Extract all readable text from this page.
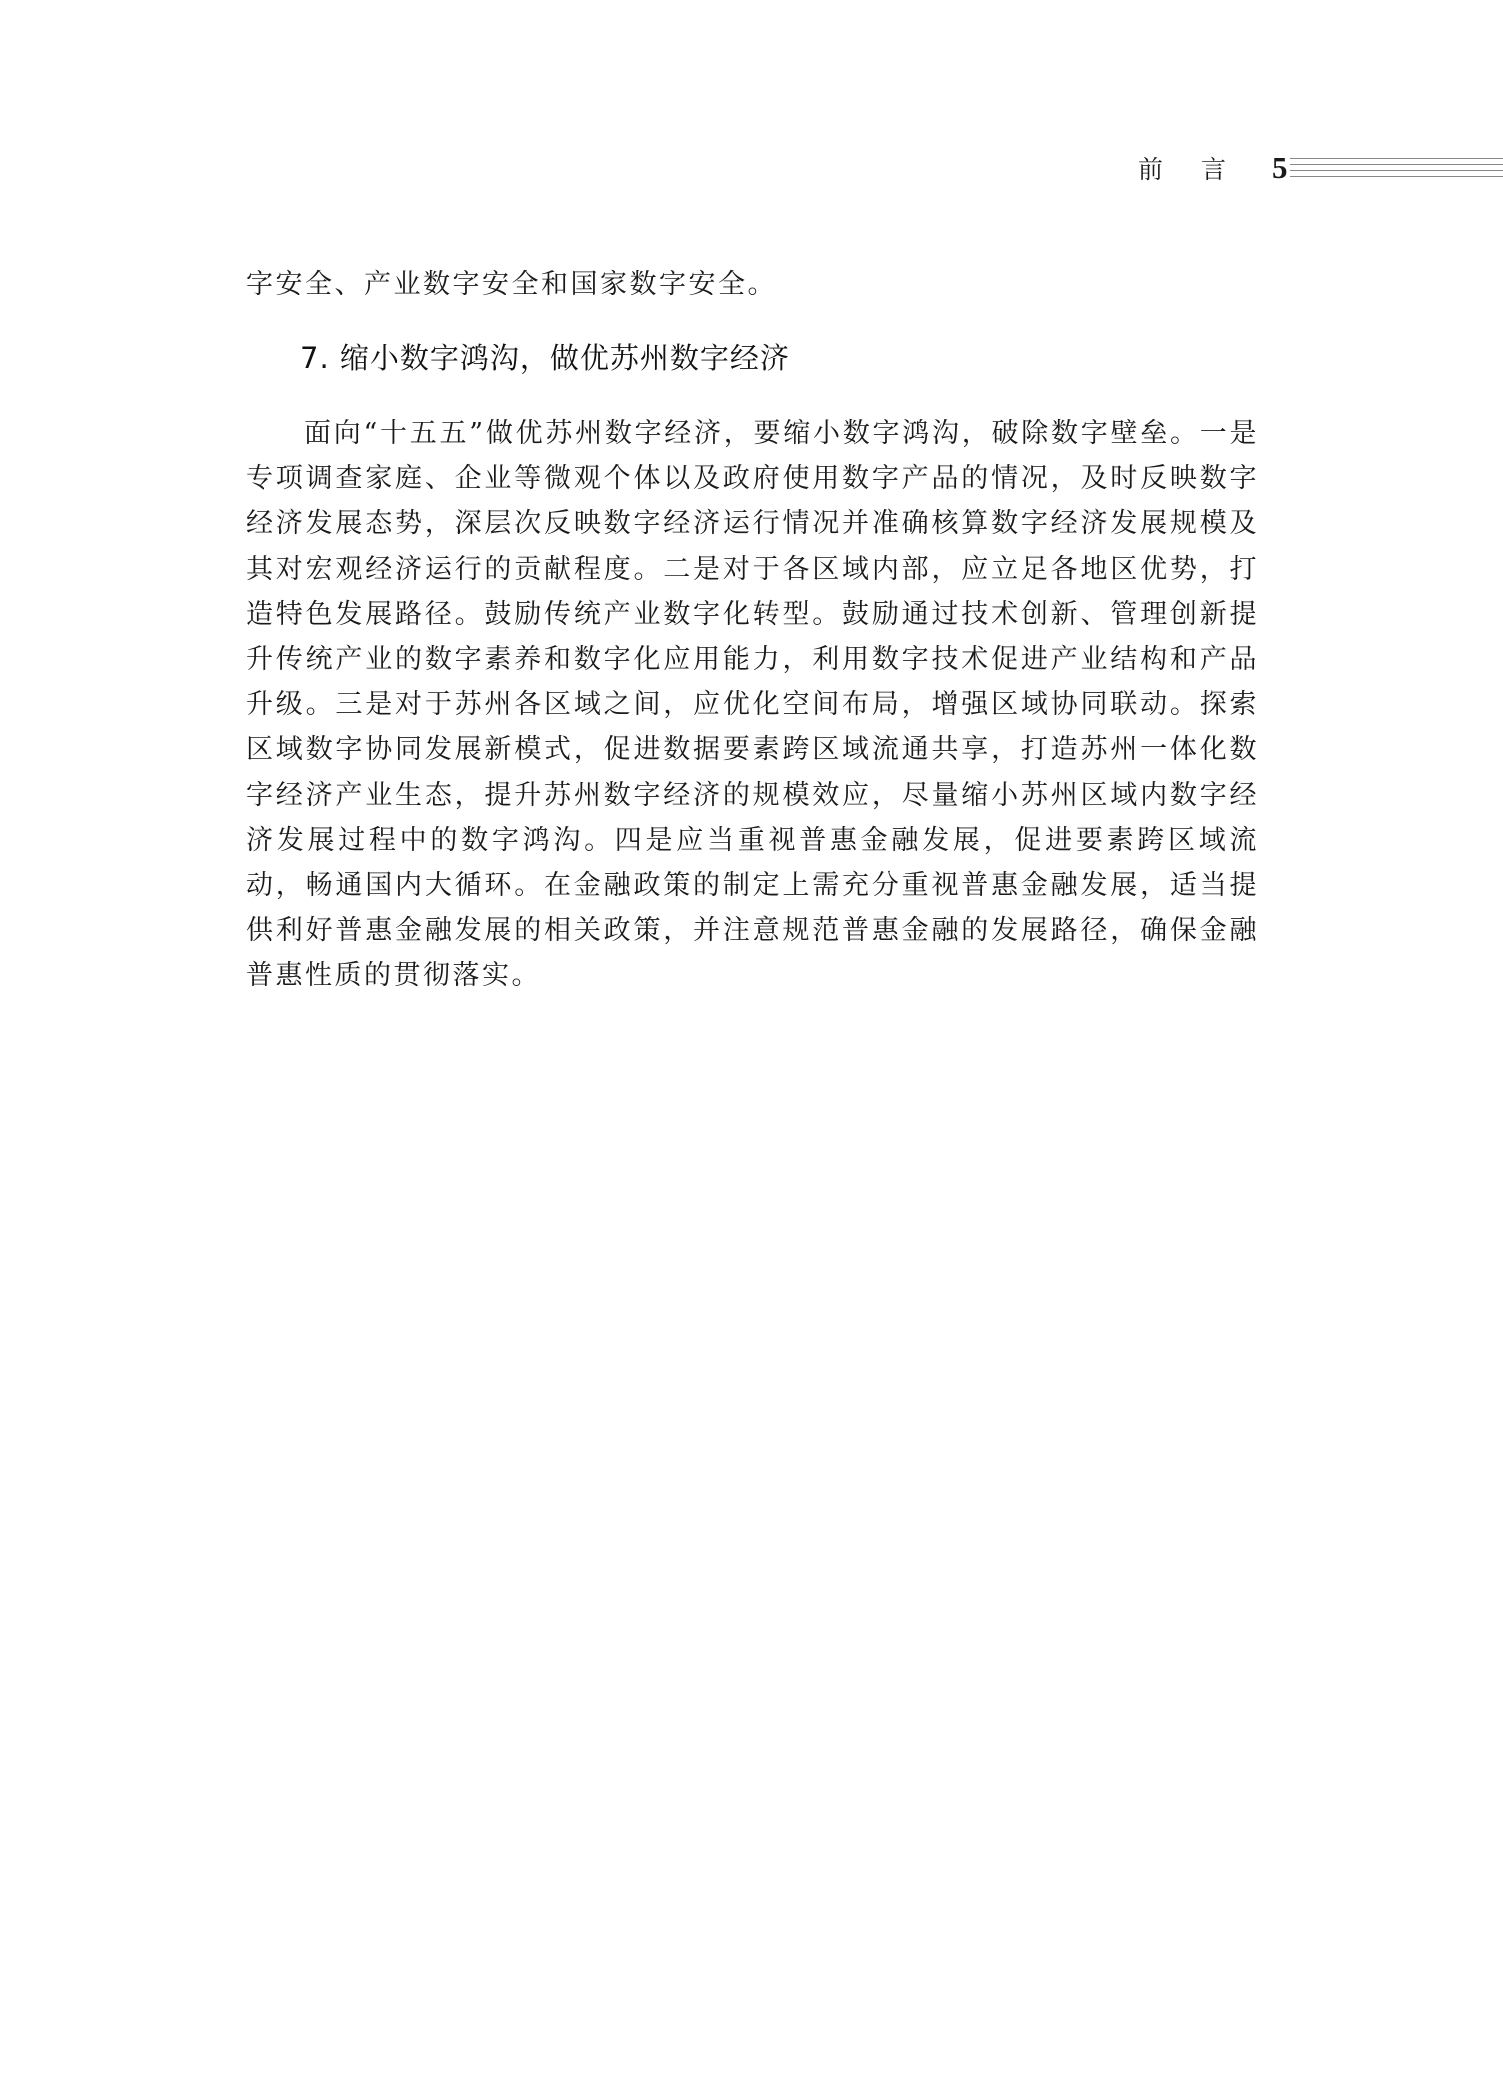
前言 5

字安全、产业数字安全和国家数字安全。

7. 缩小数字鸿沟，做优苏州数字经济

面向“十五五”做优苏州数字经济，要缩小数字鸿沟，破除数字壁垒。一是专项调查家庭、企业等微观个体以及政府使用数字产品的情况，及时反映数字经济发展态势，深层次反映数字经济运行情况并准确核算数字经济发展规模及其对宏观经济运行的贡献程度。二是对于各区域内部，应立足各地区优势，打造特色发展路径。鼓励传统产业数字化转型。鼓励通过技术创新、管理创新提升传统产业的数字素养和数字化应用能力，利用数字技术促进产业结构和产品升级。三是对于苏州各区域之间，应优化空间布局，增强区域协同联动。探索区域数字协同发展新模式，促进数据要素跨区域流通共享，打造苏州一体化数字经济产业生态，提升苏州数字经济的规模效应，尽量缩小苏州区域内数字经济发展过程中的数字鸿沟。四是应当重视普惠金融发展，促进要素跨区域流动，畅通国内大循环。在金融政策的制定上需充分重视普惠金融发展，适当提供利好普惠金融发展的相关政策，并注意规范普惠金融的发展路径，确保金融普惠性质的贯彻落实。
